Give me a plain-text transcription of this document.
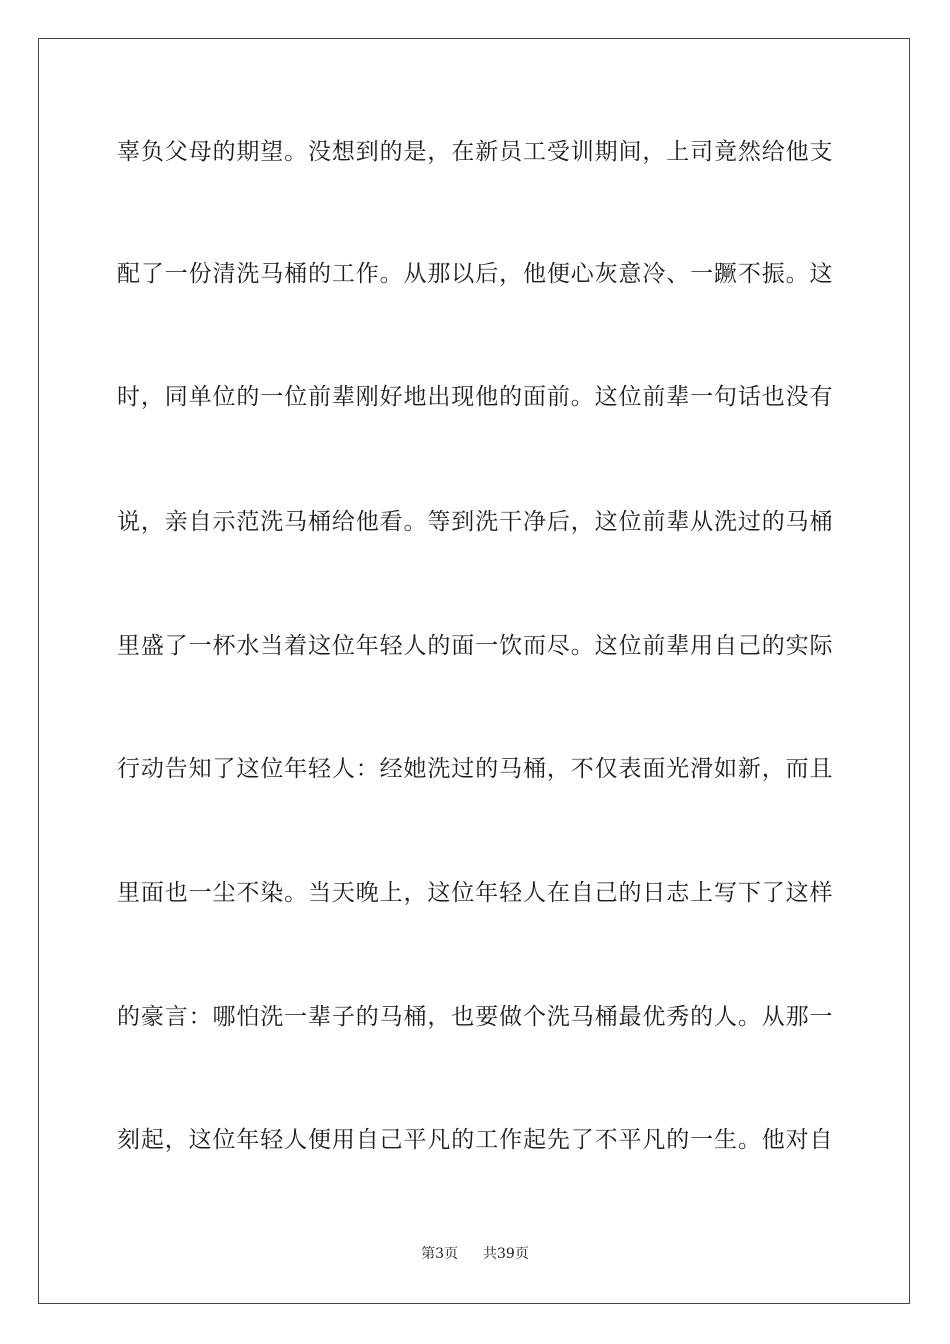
辜负父母的期望。没想到的是，在新员工受训期间，上司竟然给他支
配了一份清洗马桶的工作。从那以后，他便心灰意冷、一蹶不振。这
时，同单位的一位前辈刚好地出现他的面前。这位前辈一句话也没有
说，亲自示范洗马桶给他看。等到洗干净后，这位前辈从洗过的马桶
里盛了一杯水当着这位年轻人的面一饮而尽。这位前辈用自己的实际
行动告知了这位年轻人：经她洗过的马桶，不仅表面光滑如新，而且
里面也一尘不染。当天晚上，这位年轻人在自己的日志上写下了这样
的豪言：哪怕洗一辈子的马桶，也要做个洗马桶最优秀的人。从那一
刻起，这位年轻人便用自己平凡的工作起先了不平凡的一生。他对自
第3页 共39页
